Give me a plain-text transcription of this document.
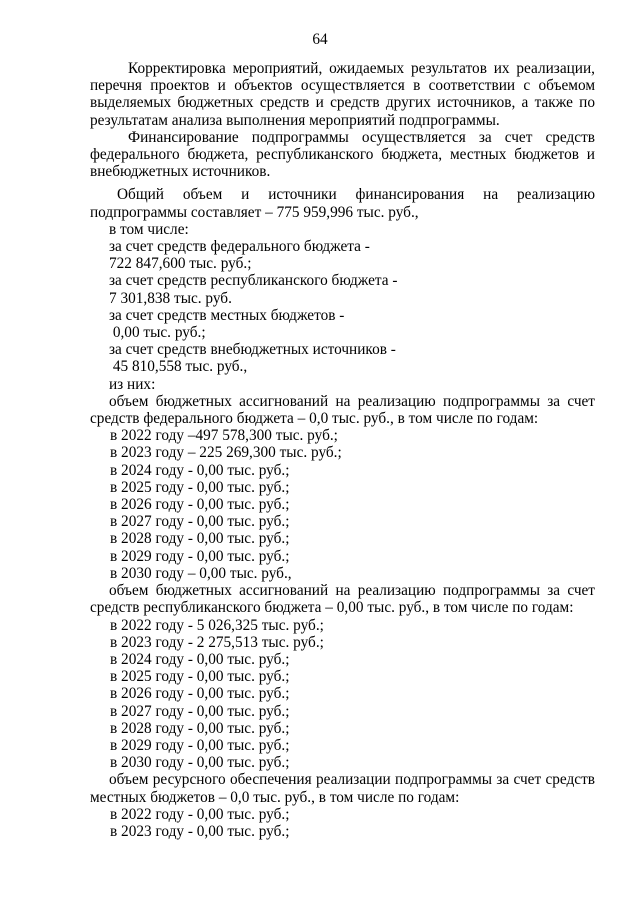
64
Корректировка мероприятий, ожидаемых результатов их реализации, перечня проектов и объектов осуществляется в соответствии с объемом выделяемых бюджетных средств и средств других источников, а также по результатам анализа выполнения мероприятий подпрограммы.
Финансирование подпрограммы осуществляется за счет средств федерального бюджета, республиканского бюджета, местных бюджетов и внебюджетных источников.
Общий объем и источники финансирования на реализацию подпрограммы составляет – 775 959,996 тыс. руб.,
в том числе:
за счет средств федерального бюджета -
722 847,600 тыс. руб.;
за счет средств республиканского бюджета -
7 301,838 тыс. руб.
за счет средств местных бюджетов -
0,00 тыс. руб.;
за счет средств внебюджетных источников -
45 810,558 тыс. руб.,
из них:
объем бюджетных ассигнований на реализацию подпрограммы за счет средств федерального бюджета – 0,0 тыс. руб., в том числе по годам:
в 2022 году –497 578,300 тыс. руб.;
в 2023 году – 225 269,300 тыс. руб.;
в 2024 году - 0,00 тыс. руб.;
в 2025 году - 0,00 тыс. руб.;
в 2026 году - 0,00 тыс. руб.;
в 2027 году - 0,00 тыс. руб.;
в 2028 году - 0,00 тыс. руб.;
в 2029 году - 0,00 тыс. руб.;
в 2030 году – 0,00 тыс. руб.,
объем бюджетных ассигнований на реализацию подпрограммы за счет средств республиканского бюджета – 0,00 тыс. руб., в том числе по годам:
в 2022 году - 5 026,325 тыс. руб.;
в 2023 году - 2 275,513 тыс. руб.;
в 2024 году - 0,00 тыс. руб.;
в 2025 году - 0,00 тыс. руб.;
в 2026 году - 0,00 тыс. руб.;
в 2027 году - 0,00 тыс. руб.;
в 2028 году - 0,00 тыс. руб.;
в 2029 году - 0,00 тыс. руб.;
в 2030 году - 0,00 тыс. руб.;
объем ресурсного обеспечения реализации подпрограммы за счет средств местных бюджетов – 0,0 тыс. руб., в том числе по годам:
в 2022 году - 0,00 тыс. руб.;
в 2023 году - 0,00 тыс. руб.;
